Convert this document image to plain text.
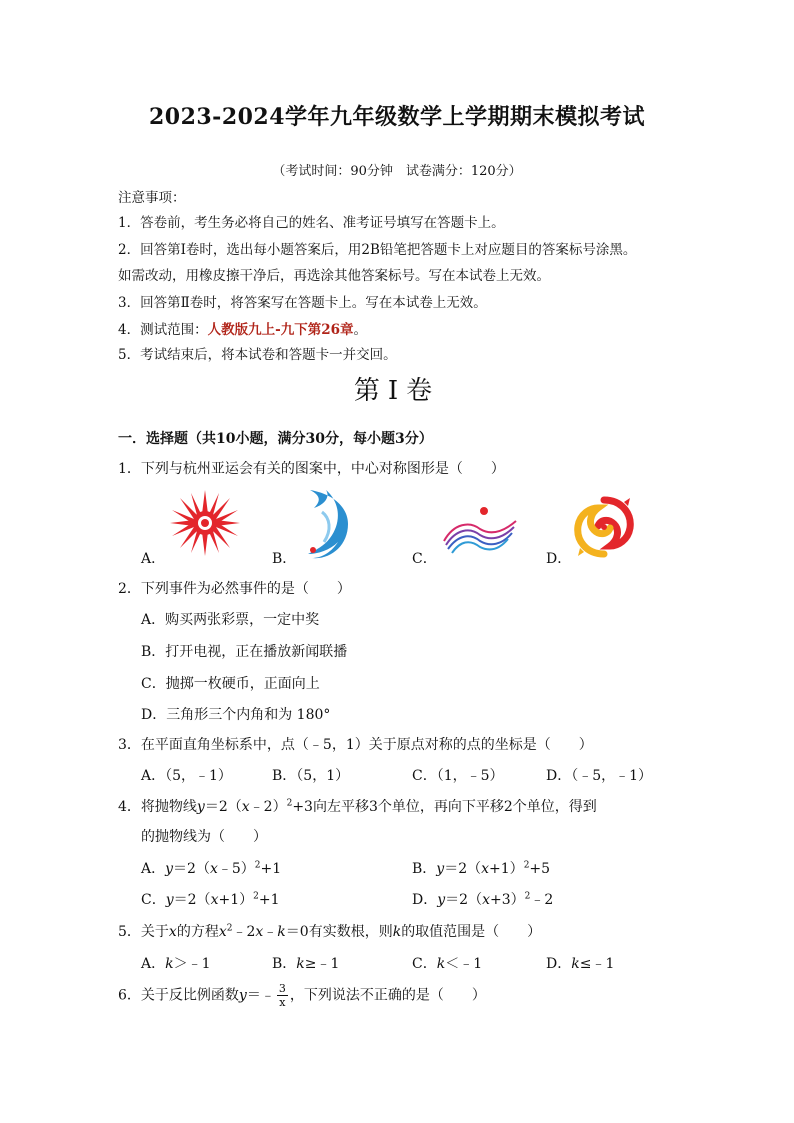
2023-2024学年九年级数学上学期期末模拟考试
（考试时间：90分钟　试卷满分：120分）
注意事项：
1．答卷前，考生务必将自己的姓名、准考证号填写在答题卡上。
2．回答第Ⅰ卷时，选出每小题答案后，用2B铅笔把答题卡上对应题目的答案标号涂黑。
如需改动，用橡皮擦干净后，再选涂其他答案标号。写在本试卷上无效。
3．回答第Ⅱ卷时，将答案写在答题卡上。写在本试卷上无效。
4．测试范围：人教版九上-九下第26章。
5．考试结束后，将本试卷和答题卡一并交回。
第Ⅰ卷
一．选择题（共10小题，满分30分，每小题3分）
1．下列与杭州亚运会有关的图案中，中心对称图形是（　　）
A．	B．	C．	D．
2．下列事件为必然事件的是（　　）
A．购买两张彩票，一定中奖
B．打开电视，正在播放新闻联播
C．抛掷一枚硬币，正面向上
D．三角形三个内角和为 180°
3．在平面直角坐标系中，点（﹣5，1）关于原点对称的点的坐标是（　　）
A．（5，﹣1）	B．（5，1）	C．（1，﹣5）	D．（﹣5，﹣1）
4．将抛物线y＝2（x﹣2）$^2$+3向左平移3个单位，再向下平移2个单位，得到
的抛物线为（　　）
A．y＝2（x﹣5）$^2$+1	B．$y=2(x+1)^2+5$
C．$y=2(x+1)^2+1$	D．$y=2(x+3)^2﹣2$
5．关于x的方程$x^2﹣2x﹣k=0$有实数根，则k的取值范围是（　　）
A．k＞﹣1	B．k≥﹣1	C．k＜﹣1	D．k≤﹣1
6．关于反比例函数y＝﹣ $\frac{3}{x}$ ，下列说法不正确的是（　　）
